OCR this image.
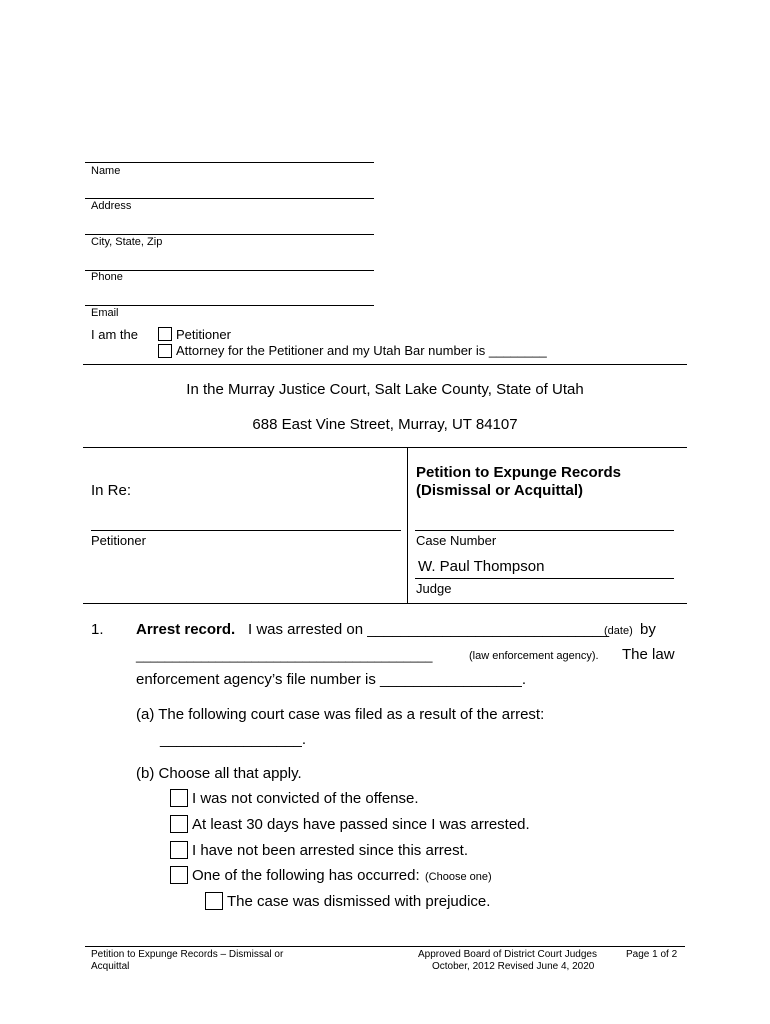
Name
Address
City, State, Zip
Phone
Email
I am the	Petitioner
Attorney for the Petitioner and my Utah Bar number is ________
In the Murray Justice Court, Salt Lake County, State of Utah
688 East Vine Street, Murray, UT 84107
In Re:
Petitioner
Petition to Expunge Records
(Dismissal or Acquittal)
Case Number
W. Paul Thompson
Judge
1. Arrest record. I was arrested on _____________________________
(date) by
_________________________________________	(law enforcement agency). The law
enforcement agency’s file number is _________________.
(a) The following court case was filed as a result of the arrest:
_________________.
(b) Choose all that apply.
I was not convicted of the offense.
At least 30 days have passed since I was arrested.
I have not been arrested since this arrest.
One of the following has occurred: (Choose one)
The case was dismissed with prejudice.
Petition to Expunge Records – Dismissal or
Acquittal
Approved Board of District Court Judges
October, 2012 Revised June 4, 2020
Page 1 of 2
